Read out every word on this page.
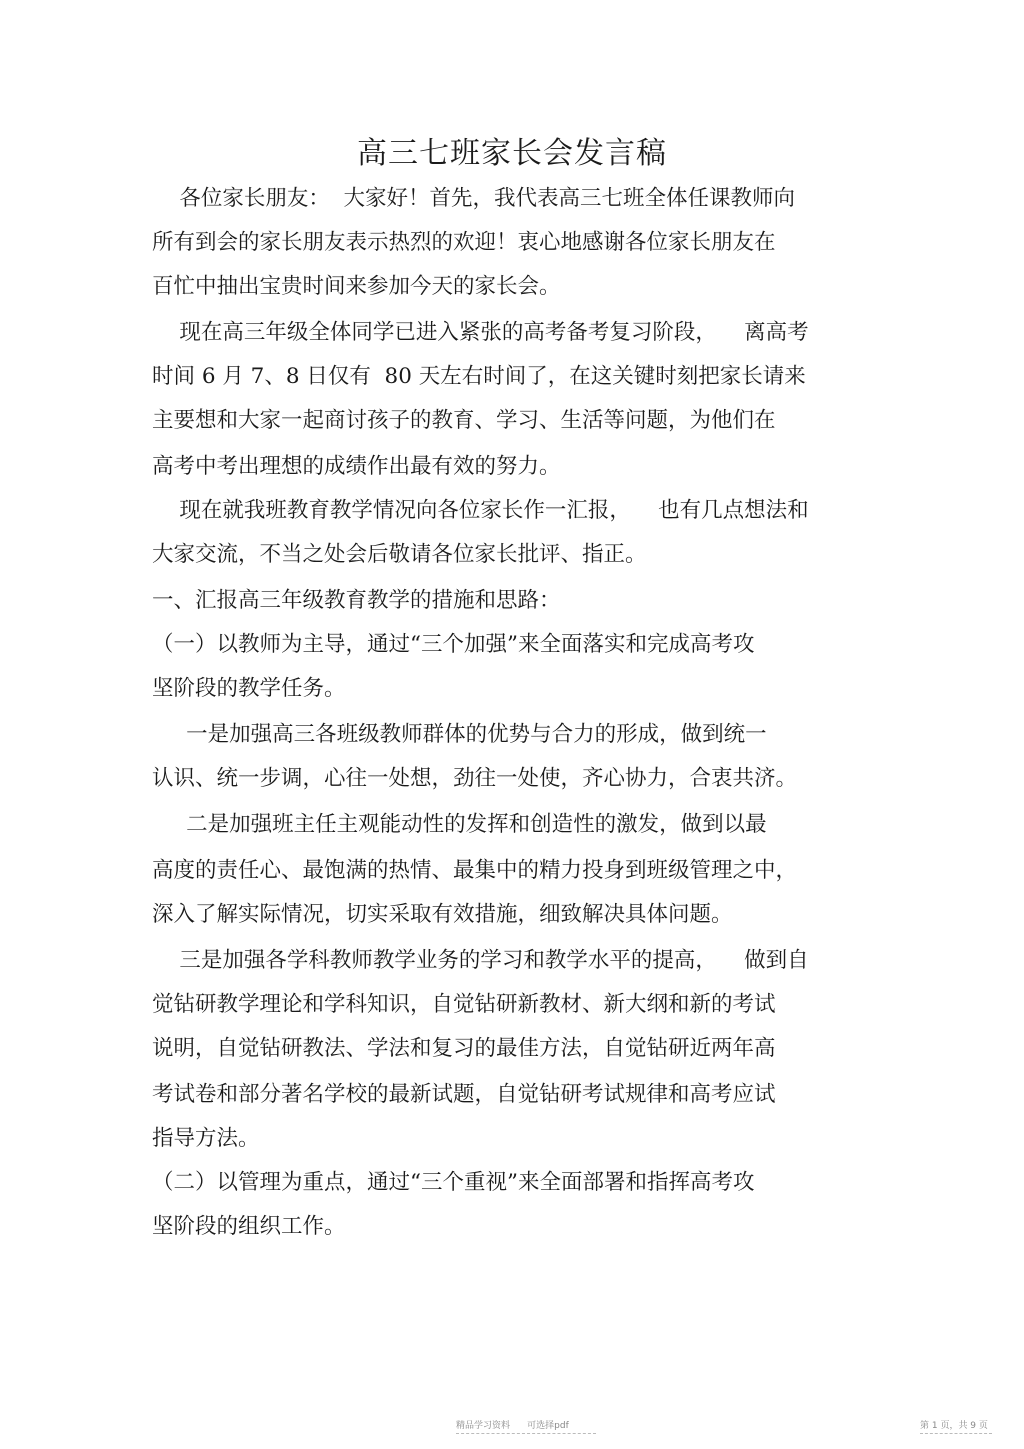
高三七班家长会发言稿
各位家长朋友：  大家好！首先，我代表高三七班全体任课教师向
所有到会的家长朋友表示热烈的欢迎！衷心地感谢各位家长朋友在
百忙中抽出宝贵时间来参加今天的家长会。
现在高三年级全体同学已进入紧张的高考备考复习阶段，    离高考
时间 6 月 7、8 日仅有  80 天左右时间了，在这关键时刻把家长请来
主要想和大家一起商讨孩子的教育、学习、生活等问题，为他们在
高考中考出理想的成绩作出最有效的努力。
现在就我班教育教学情况向各位家长作一汇报，    也有几点想法和
大家交流，不当之处会后敬请各位家长批评、指正。
一、汇报高三年级教育教学的措施和思路：
（一）以教师为主导，通过“三个加强”来全面落实和完成高考攻
坚阶段的教学任务。
一是加强高三各班级教师群体的优势与合力的形成，做到统一
认识、统一步调，心往一处想，劲往一处使，齐心协力，合衷共济。
二是加强班主任主观能动性的发挥和创造性的激发，做到以最
高度的责任心、最饱满的热情、最集中的精力投身到班级管理之中，
深入了解实际情况，切实采取有效措施，细致解决具体问题。
三是加强各学科教师教学业务的学习和教学水平的提高，    做到自
觉钻研教学理论和学科知识，自觉钻研新教材、新大纲和新的考试
说明，自觉钻研教法、学法和复习的最佳方法，自觉钻研近两年高
考试卷和部分著名学校的最新试题，自觉钻研考试规律和高考应试
指导方法。
（二）以管理为重点，通过“三个重视”来全面部署和指挥高考攻
坚阶段的组织工作。
精品学习资料      可选择pdf	第 1 页，共 9 页
